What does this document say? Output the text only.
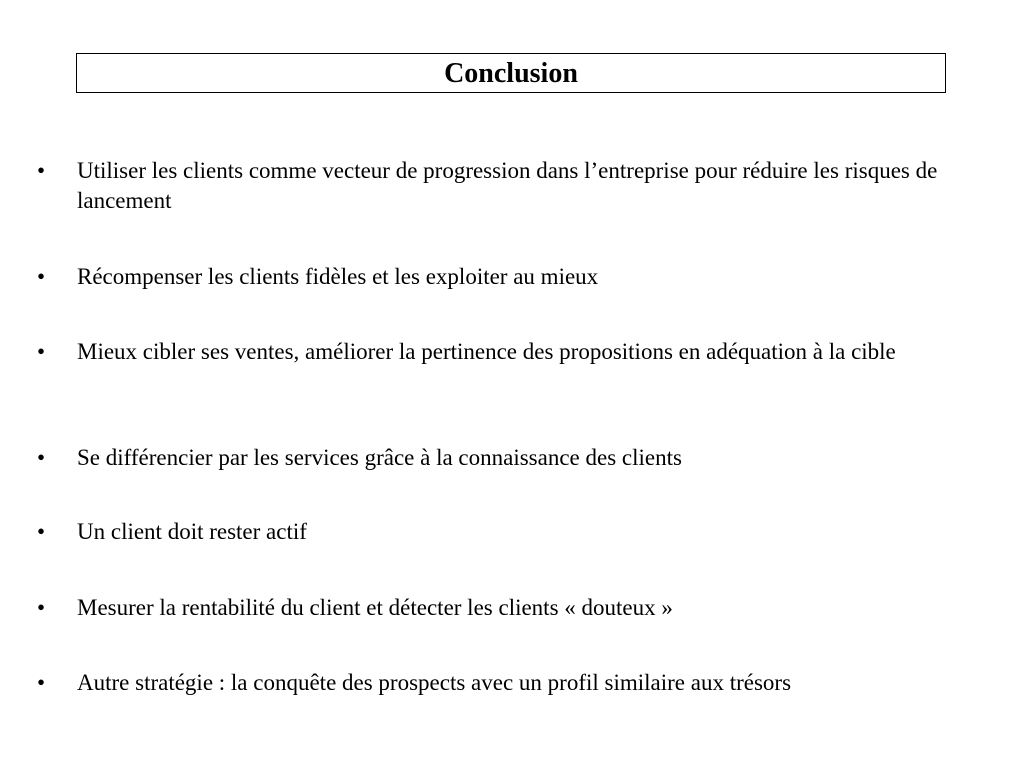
Conclusion
•	Utiliser les clients comme vecteur de progression dans l’entreprise pour réduire les risques de lancement
•	Récompenser les clients fidèles et les exploiter au mieux
•	Mieux cibler ses ventes, améliorer la pertinence des propositions en adéquation à la cible
•	Se différencier par les services grâce à la connaissance des clients
•	Un client doit rester actif
•	Mesurer la rentabilité du client et détecter les clients « douteux »
•	Autre stratégie : la conquête des prospects avec un profil similaire aux trésors
